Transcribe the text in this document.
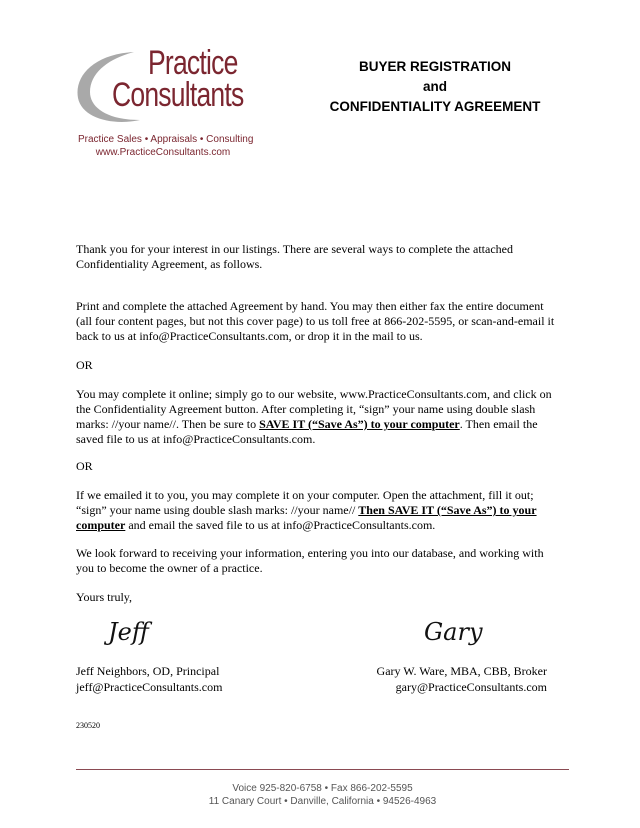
Practice
Consultants
Practice Sales • Appraisals • Consulting
www.PracticeConsultants.com
BUYER REGISTRATION
and
CONFIDENTIALITY AGREEMENT

Thank you for your interest in our listings. There are several ways to complete the attached Confidentiality Agreement, as follows.

Print and complete the attached Agreement by hand. You may then either fax the entire document (all four content pages, but not this cover page) to us toll free at 866-202-5595, or scan-and-email it back to us at info@PracticeConsultants.com, or drop it in the mail to us.

OR

You may complete it online; simply go to our website, www.PracticeConsultants.com, and click on the Confidentiality Agreement button. After completing it, “sign” your name using double slash marks: //your name//. Then be sure to SAVE IT (“Save As”) to your computer. Then email the saved file to us at info@PracticeConsultants.com.

OR

If we emailed it to you, you may complete it on your computer. Open the attachment, fill it out; “sign” your name using double slash marks: //your name// Then SAVE IT (“Save As”) to your computer and email the saved file to us at info@PracticeConsultants.com.

We look forward to receiving your information, entering you into our database, and working with you to become the owner of a practice.

Yours truly,

Jeff	Gary
Jeff Neighbors, OD, Principal
jeff@PracticeConsultants.com
Gary W. Ware, MBA, CBB, Broker
gary@PracticeConsultants.com
230520
Voice 925-820-6758 • Fax 866-202-5595
11 Canary Court • Danville, California • 94526-4963
